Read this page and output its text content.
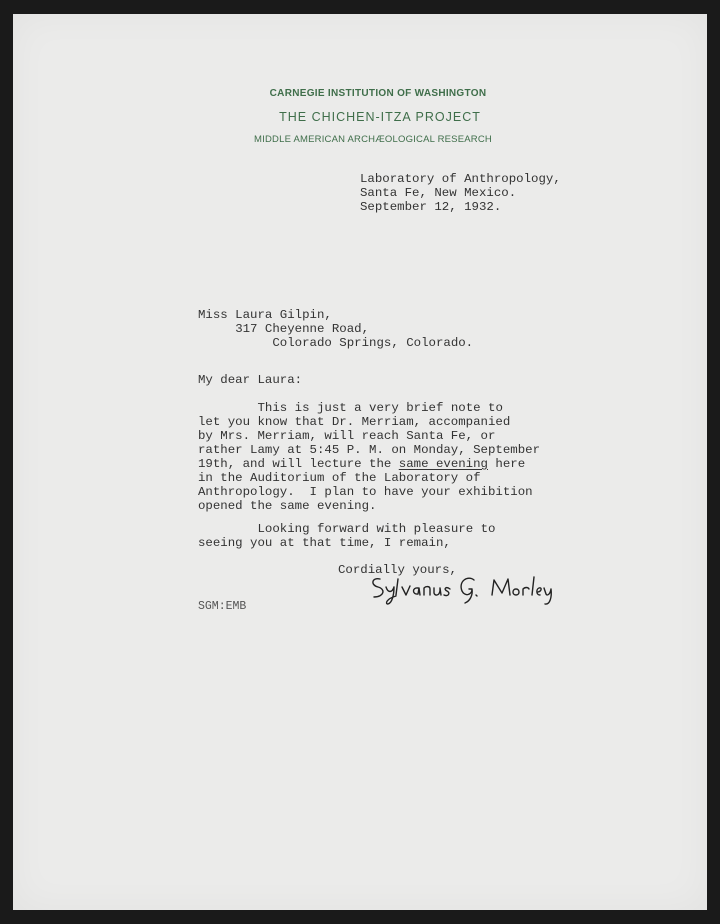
CARNEGIE INSTITUTION OF WASHINGTON
THE CHICHEN-ITZA PROJECT
MIDDLE AMERICAN ARCHÆOLOGICAL RESEARCH
Laboratory of Anthropology,
Santa Fe, New Mexico.
September 12, 1932.
Miss Laura Gilpin,
317 Cheyenne Road,
Colorado Springs, Colorado.
My dear Laura:
This is just a very brief note to
let you know that Dr. Merriam, accompanied
by Mrs. Merriam, will reach Santa Fe, or
rather Lamy at 5:45 P. M. on Monday, September
19th, and will lecture the same evening here
in the Auditorium of the Laboratory of
Anthropology.  I plan to have your exhibition
opened the same evening.
Looking forward with pleasure to
seeing you at that time, I remain,
Cordially yours,
SGM:EMB
